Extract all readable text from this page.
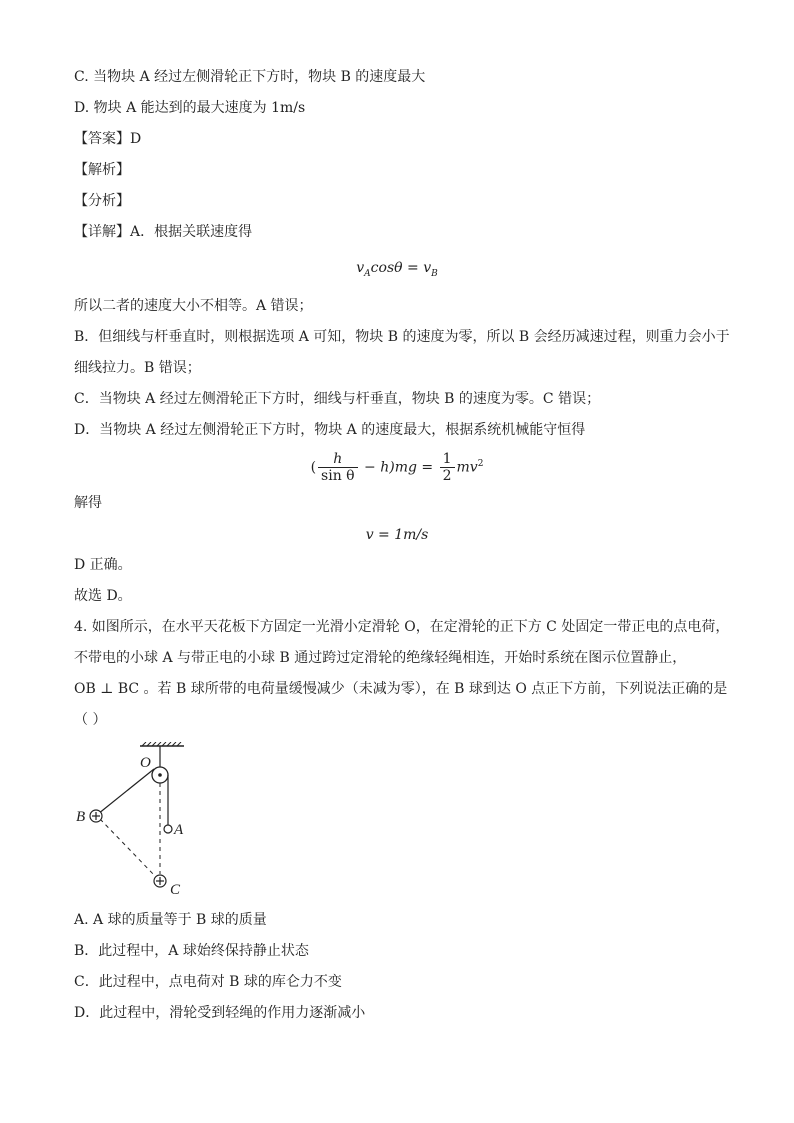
C. 当物块 A 经过左侧滑轮正下方时，物块 B 的速度最大
D. 物块 A 能达到的最大速度为 1m/s
【答案】D
【解析】
【分析】
【详解】A．根据关联速度得
$v_A\cos\theta = v_B$
所以二者的速度大小不相等。A 错误；
B．但细线与杆垂直时，则根据选项 A 可知，物块 B 的速度为零，所以 B 会经历减速过程，则重力会小于
细线拉力。B 错误；
C．当物块 A 经过左侧滑轮正下方时，细线与杆垂直，物块 B 的速度为零。C 错误；
D．当物块 A 经过左侧滑轮正下方时，物块 A 的速度最大，根据系统机械能守恒得
( $\frac{h}{\text{sin θ}} - h)mg = \frac{1}{2} mv^2$
解得
v = 1m/s
D 正确。
故选 D。
4. 如图所示，在水平天花板下方固定一光滑小定滑轮 O，在定滑轮的正下方 C 处固定一带正电的点电荷，
不带电的小球 A 与带正电的小球 B 通过跨过定滑轮的绝缘轻绳相连，开始时系统在图示位置静止，
OB ⊥ BC 。若 B 球所带的电荷量缓慢减少（未减为零），在 B 球到达 O 点正下方前，下列说法正确的是
（ ）
O
B
A
C
A. A 球的质量等于 B 球的质量
B．此过程中，A 球始终保持静止状态
C．此过程中，点电荷对 B 球的库仑力不变
D．此过程中，滑轮受到轻绳的作用力逐渐减小
